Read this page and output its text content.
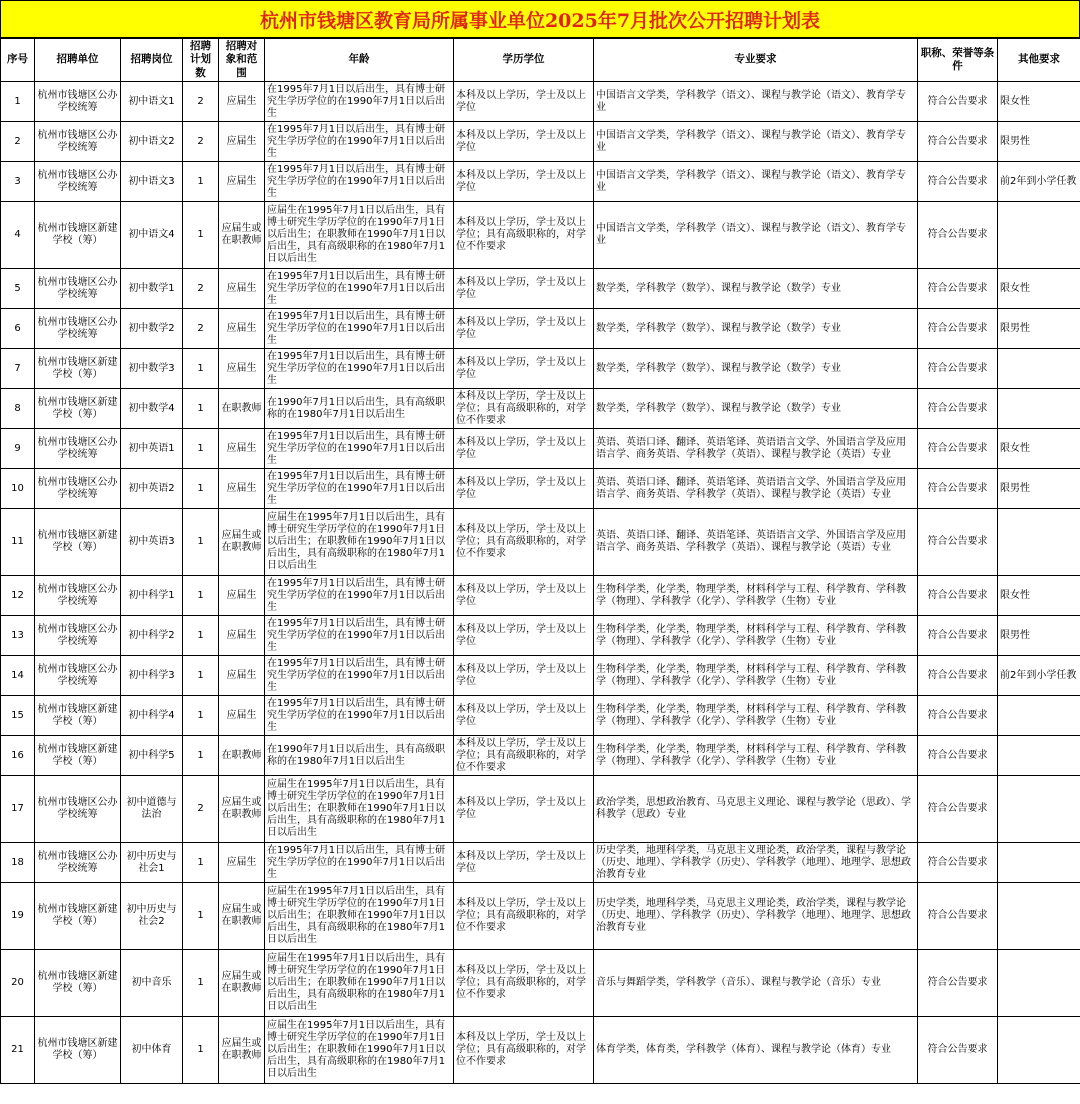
杭州市钱塘区教育局所属事业单位2025年7月批次公开招聘计划表
序号	招聘单位	招聘岗位	招聘计划数	招聘对象和范围	年龄	学历学位	专业要求	职称、荣誉等条件	其他要求
1	杭州市钱塘区公办学校统筹	初中语文1	2	应届生	在1995年7月1日以后出生，具有博士研究生学历学位的在1990年7月1日以后出生	本科及以上学历，学士及以上学位	中国语言文学类，学科教学（语文）、课程与教学论（语文）、教育学专业	符合公告要求	限女性
2	杭州市钱塘区公办学校统筹	初中语文2	2	应届生	在1995年7月1日以后出生，具有博士研究生学历学位的在1990年7月1日以后出生	本科及以上学历，学士及以上学位	中国语言文学类，学科教学（语文）、课程与教学论（语文）、教育学专业	符合公告要求	限男性
3	杭州市钱塘区公办学校统筹	初中语文3	1	应届生	在1995年7月1日以后出生，具有博士研究生学历学位的在1990年7月1日以后出生	本科及以上学历，学士及以上学位	中国语言文学类，学科教学（语文）、课程与教学论（语文）、教育学专业	符合公告要求	前2年到小学任教
4	杭州市钱塘区新建学校（筹）	初中语文4	1	应届生或在职教师	应届生在1995年7月1日以后出生，具有博士研究生学历学位的在1990年7月1日以后出生；在职教师在1990年7月1日以后出生，具有高级职称的在1980年7月1日以后出生	本科及以上学历，学士及以上学位；具有高级职称的，对学位不作要求	中国语言文学类，学科教学（语文）、课程与教学论（语文）、教育学专业	符合公告要求	
5	杭州市钱塘区公办学校统筹	初中数学1	2	应届生	在1995年7月1日以后出生，具有博士研究生学历学位的在1990年7月1日以后出生	本科及以上学历，学士及以上学位	数学类，学科教学（数学）、课程与教学论（数学）专业	符合公告要求	限女性
6	杭州市钱塘区公办学校统筹	初中数学2	2	应届生	在1995年7月1日以后出生，具有博士研究生学历学位的在1990年7月1日以后出生	本科及以上学历，学士及以上学位	数学类，学科教学（数学）、课程与教学论（数学）专业	符合公告要求	限男性
7	杭州市钱塘区新建学校（筹）	初中数学3	1	应届生	在1995年7月1日以后出生，具有博士研究生学历学位的在1990年7月1日以后出生	本科及以上学历，学士及以上学位	数学类，学科教学（数学）、课程与教学论（数学）专业	符合公告要求	
8	杭州市钱塘区新建学校（筹）	初中数学4	1	在职教师	在1990年7月1日以后出生，具有高级职称的在1980年7月1日以后出生	本科及以上学历，学士及以上学位；具有高级职称的，对学位不作要求	数学类，学科教学（数学）、课程与教学论（数学）专业	符合公告要求	
9	杭州市钱塘区公办学校统筹	初中英语1	1	应届生	在1995年7月1日以后出生，具有博士研究生学历学位的在1990年7月1日以后出生	本科及以上学历，学士及以上学位	英语、英语口译、翻译、英语笔译、英语语言文学、外国语言学及应用语言学、商务英语、学科教学（英语）、课程与教学论（英语）专业	符合公告要求	限女性
10	杭州市钱塘区公办学校统筹	初中英语2	1	应届生	在1995年7月1日以后出生，具有博士研究生学历学位的在1990年7月1日以后出生	本科及以上学历，学士及以上学位	英语、英语口译、翻译、英语笔译、英语语言文学、外国语言学及应用语言学、商务英语、学科教学（英语）、课程与教学论（英语）专业	符合公告要求	限男性
11	杭州市钱塘区新建学校（筹）	初中英语3	1	应届生或在职教师	应届生在1995年7月1日以后出生，具有博士研究生学历学位的在1990年7月1日以后出生；在职教师在1990年7月1日以后出生，具有高级职称的在1980年7月1日以后出生	本科及以上学历，学士及以上学位；具有高级职称的，对学位不作要求	英语、英语口译、翻译、英语笔译、英语语言文学、外国语言学及应用语言学、商务英语、学科教学（英语）、课程与教学论（英语）专业	符合公告要求	
12	杭州市钱塘区公办学校统筹	初中科学1	1	应届生	在1995年7月1日以后出生，具有博士研究生学历学位的在1990年7月1日以后出生	本科及以上学历，学士及以上学位	生物科学类，化学类，物理学类，材料科学与工程、科学教育、学科教学（物理）、学科教学（化学）、学科教学（生物）专业	符合公告要求	限女性
13	杭州市钱塘区公办学校统筹	初中科学2	1	应届生	在1995年7月1日以后出生，具有博士研究生学历学位的在1990年7月1日以后出生	本科及以上学历，学士及以上学位	生物科学类，化学类，物理学类，材料科学与工程、科学教育、学科教学（物理）、学科教学（化学）、学科教学（生物）专业	符合公告要求	限男性
14	杭州市钱塘区公办学校统筹	初中科学3	1	应届生	在1995年7月1日以后出生，具有博士研究生学历学位的在1990年7月1日以后出生	本科及以上学历，学士及以上学位	生物科学类，化学类，物理学类，材料科学与工程、科学教育、学科教学（物理）、学科教学（化学）、学科教学（生物）专业	符合公告要求	前2年到小学任教
15	杭州市钱塘区新建学校（筹）	初中科学4	1	应届生	在1995年7月1日以后出生，具有博士研究生学历学位的在1990年7月1日以后出生	本科及以上学历，学士及以上学位	生物科学类，化学类，物理学类，材料科学与工程、科学教育、学科教学（物理）、学科教学（化学）、学科教学（生物）专业	符合公告要求	
16	杭州市钱塘区新建学校（筹）	初中科学5	1	在职教师	在1990年7月1日以后出生，具有高级职称的在1980年7月1日以后出生	本科及以上学历，学士及以上学位；具有高级职称的，对学位不作要求	生物科学类，化学类，物理学类，材料科学与工程、科学教育、学科教学（物理）、学科教学（化学）、学科教学（生物）专业	符合公告要求	
17	杭州市钱塘区公办学校统筹	初中道德与法治	2	应届生或在职教师	应届生在1995年7月1日以后出生，具有博士研究生学历学位的在1990年7月1日以后出生；在职教师在1990年7月1日以后出生，具有高级职称的在1980年7月1日以后出生	本科及以上学历，学士及以上学位	政治学类，思想政治教育、马克思主义理论、课程与教学论（思政）、学科教学（思政）专业	符合公告要求	
18	杭州市钱塘区公办学校统筹	初中历史与社会1	1	应届生	在1995年7月1日以后出生，具有博士研究生学历学位的在1990年7月1日以后出生	本科及以上学历，学士及以上学位	历史学类，地理科学类，马克思主义理论类，政治学类，课程与教学论（历史、地理）、学科教学（历史）、学科教学（地理）、地理学、思想政治教育专业	符合公告要求	
19	杭州市钱塘区新建学校（筹）	初中历史与社会2	1	应届生或在职教师	应届生在1995年7月1日以后出生，具有博士研究生学历学位的在1990年7月1日以后出生；在职教师在1990年7月1日以后出生，具有高级职称的在1980年7月1日以后出生	本科及以上学历，学士及以上学位；具有高级职称的，对学位不作要求	历史学类，地理科学类，马克思主义理论类，政治学类，课程与教学论（历史、地理）、学科教学（历史）、学科教学（地理）、地理学、思想政治教育专业	符合公告要求	
20	杭州市钱塘区新建学校（筹）	初中音乐	1	应届生或在职教师	应届生在1995年7月1日以后出生，具有博士研究生学历学位的在1990年7月1日以后出生；在职教师在1990年7月1日以后出生，具有高级职称的在1980年7月1日以后出生	本科及以上学历，学士及以上学位；具有高级职称的，对学位不作要求	音乐与舞蹈学类，学科教学（音乐）、课程与教学论（音乐）专业	符合公告要求	
21	杭州市钱塘区新建学校（筹）	初中体育	1	应届生或在职教师	应届生在1995年7月1日以后出生，具有博士研究生学历学位的在1990年7月1日以后出生；在职教师在1990年7月1日以后出生，具有高级职称的在1980年7月1日以后出生	本科及以上学历，学士及以上学位；具有高级职称的，对学位不作要求	体育学类，体育类，学科教学（体育）、课程与教学论（体育）专业	符合公告要求	
